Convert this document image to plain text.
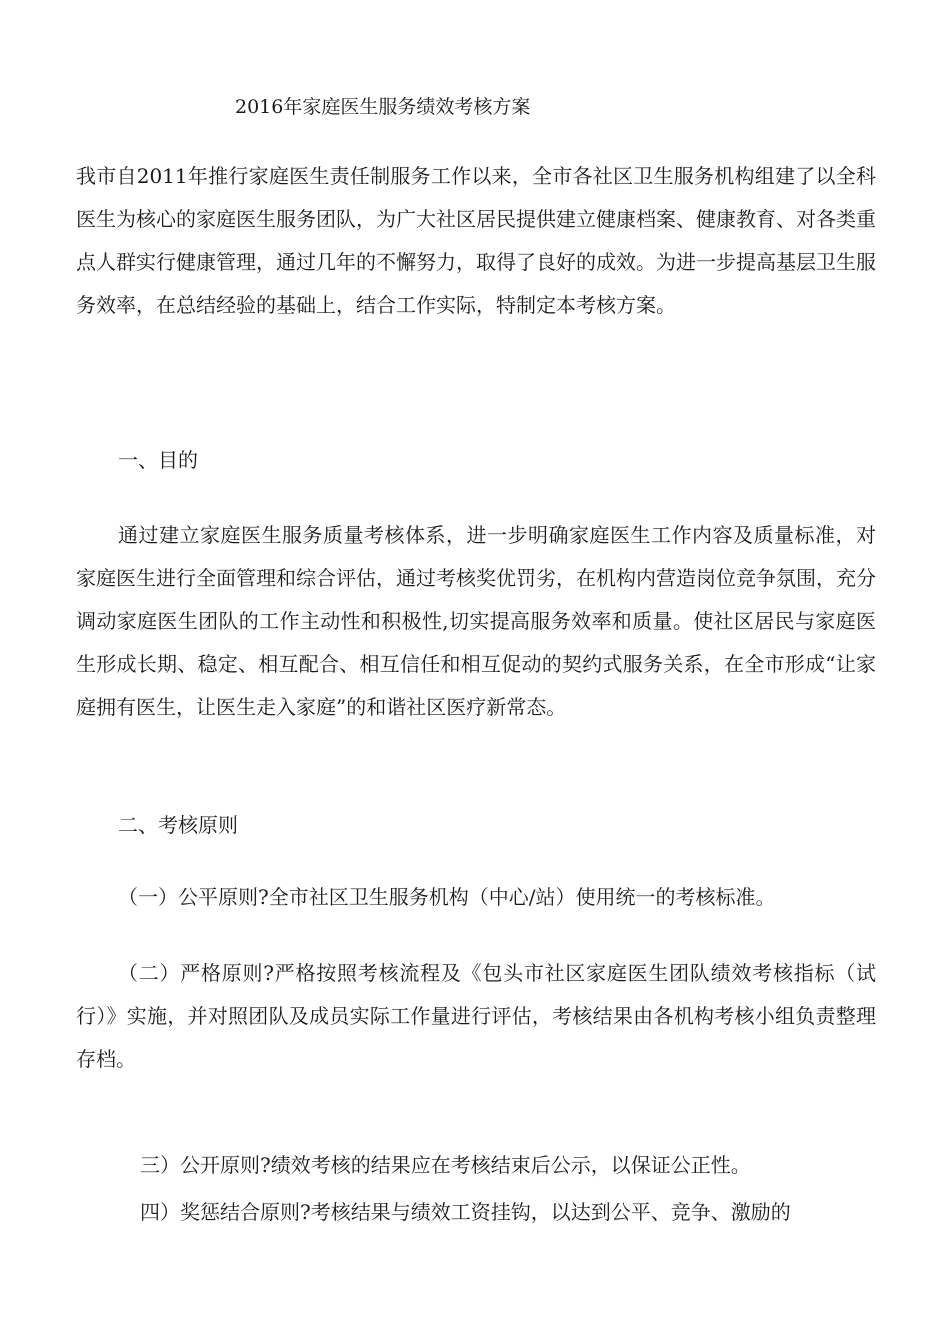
2016年家庭医生服务绩效考核方案
我市自2011年推行家庭医生责任制服务工作以来，全市各社区卫生服务机构组建了以全科医生为核心的家庭医生服务团队，为广大社区居民提供建立健康档案、健康教育、对各类重点人群实行健康管理，通过几年的不懈努力，取得了良好的成效。为进一步提高基层卫生服务效率，在总结经验的基础上，结合工作实际，特制定本考核方案。
一、目的
通过建立家庭医生服务质量考核体系，进一步明确家庭医生工作内容及质量标准，对家庭医生进行全面管理和综合评估，通过考核奖优罚劣，在机构内营造岗位竞争氛围，充分调动家庭医生团队的工作主动性和积极性,切实提高服务效率和质量。使社区居民与家庭医生形成长期、稳定、相互配合、相互信任和相互促动的契约式服务关系，在全市形成“让家庭拥有医生，让医生走入家庭”的和谐社区医疗新常态。
二、考核原则
（一）公平原则?全市社区卫生服务机构（中心/站）使用统一的考核标准。
（二）严格原则?严格按照考核流程及《包头市社区家庭医生团队绩效考核指标（试行）》实施，并对照团队及成员实际工作量进行评估，考核结果由各机构考核小组负责整理存档。
三）公开原则?绩效考核的结果应在考核结束后公示，以保证公正性。
四）奖惩结合原则?考核结果与绩效工资挂钩，以达到公平、竞争、激励的
